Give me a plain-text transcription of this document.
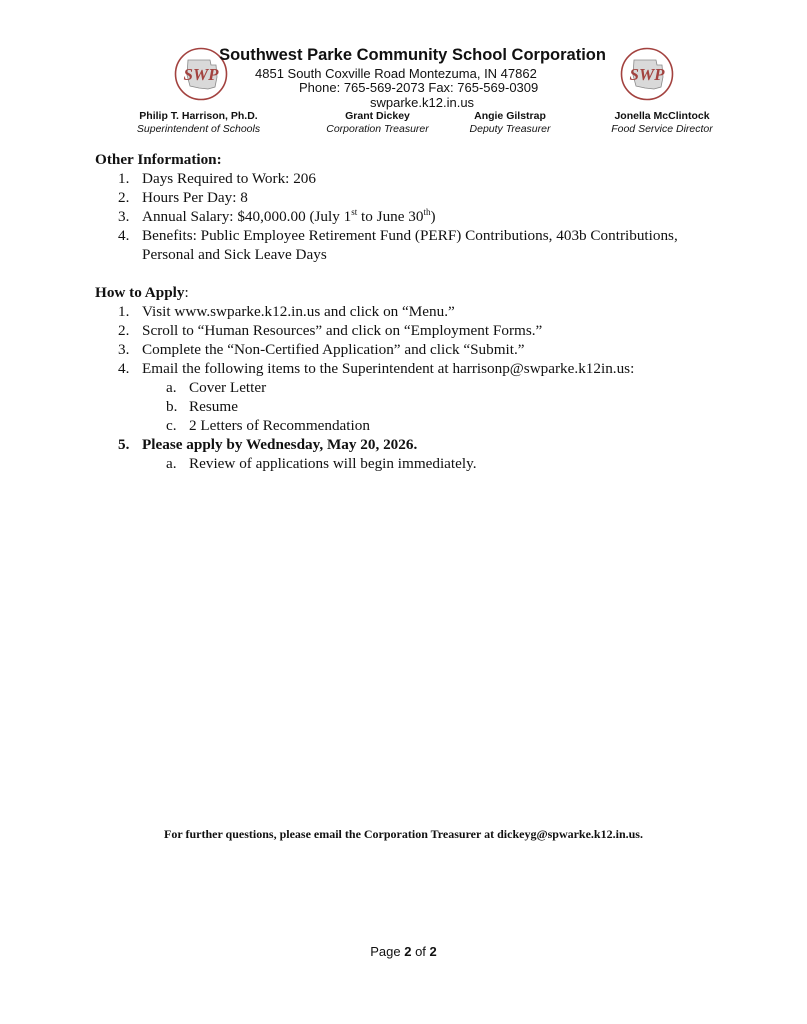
SWP	SWP
Southwest Parke Community School Corporation
4851 South Coxville Road Montezuma, IN 47862
Phone: 765-569-2073 Fax: 765-569-0309
swparke.k12.in.us
Philip T. Harrison, Ph.D.
Superintendent of Schools
Grant Dickey
Corporation Treasurer
Angie Gilstrap
Deputy Treasurer
Jonella McClintock
Food Service Director
Other Information:
1. Days Required to Work: 206
2. Hours Per Day: 8
3. Annual Salary: $40,000.00 (July 1st to June 30th)
4. Benefits: Public Employee Retirement Fund (PERF) Contributions, 403b Contributions,
Personal and Sick Leave Days
How to Apply:
1. Visit www.swparke.k12.in.us and click on “Menu.”
2. Scroll to “Human Resources” and click on “Employment Forms.”
3. Complete the “Non-Certified Application” and click “Submit.”
4. Email the following items to the Superintendent at harrisonp@swparke.k12in.us:
a. Cover Letter
b. Resume
c. 2 Letters of Recommendation
5. Please apply by Wednesday, May 20, 2026.
a. Review of applications will begin immediately.
For further questions, please email the Corporation Treasurer at dickeyg@spwarke.k12.in.us.
Page 2 of 2
